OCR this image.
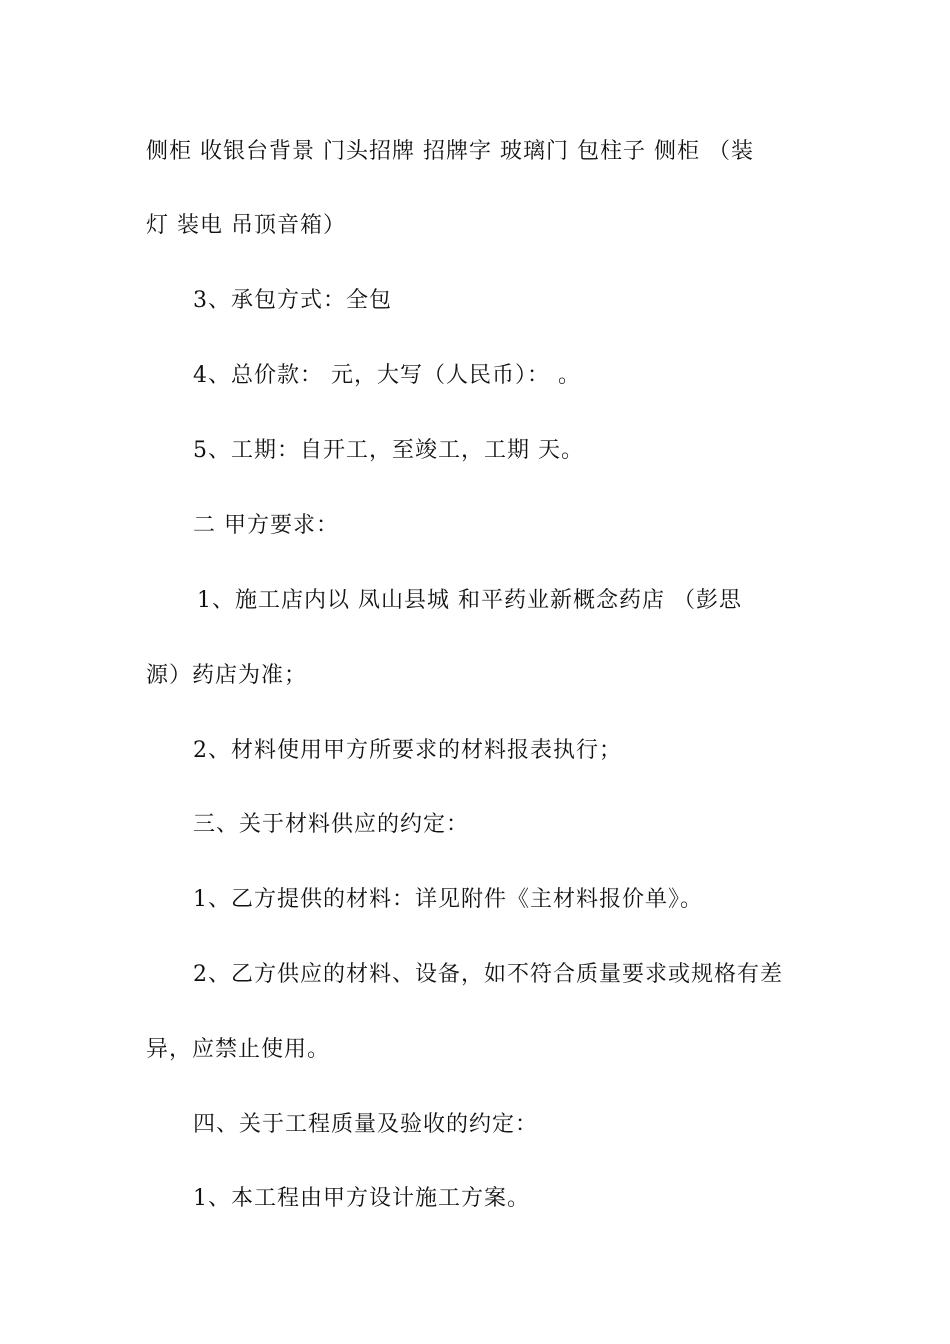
侧柜 收银台背景 门头招牌 招牌字 玻璃门 包柱子 侧柜 （装
灯 装电 吊顶音箱）
3、承包方式：全包
4、总价款： 元，大写（人民币）： 。
5、工期：自开工，至竣工，工期 天。
二 甲方要求：
1、施工店内以 凤山县城 和平药业新概念药店 （彭思
源）药店为准；
2、材料使用甲方所要求的材料报表执行；
三、关于材料供应的约定：
1、乙方提供的材料：详见附件《主材料报价单》。
2、乙方供应的材料、设备，如不符合质量要求或规格有差
异，应禁止使用。
四、关于工程质量及验收的约定：
1、本工程由甲方设计施工方案。
